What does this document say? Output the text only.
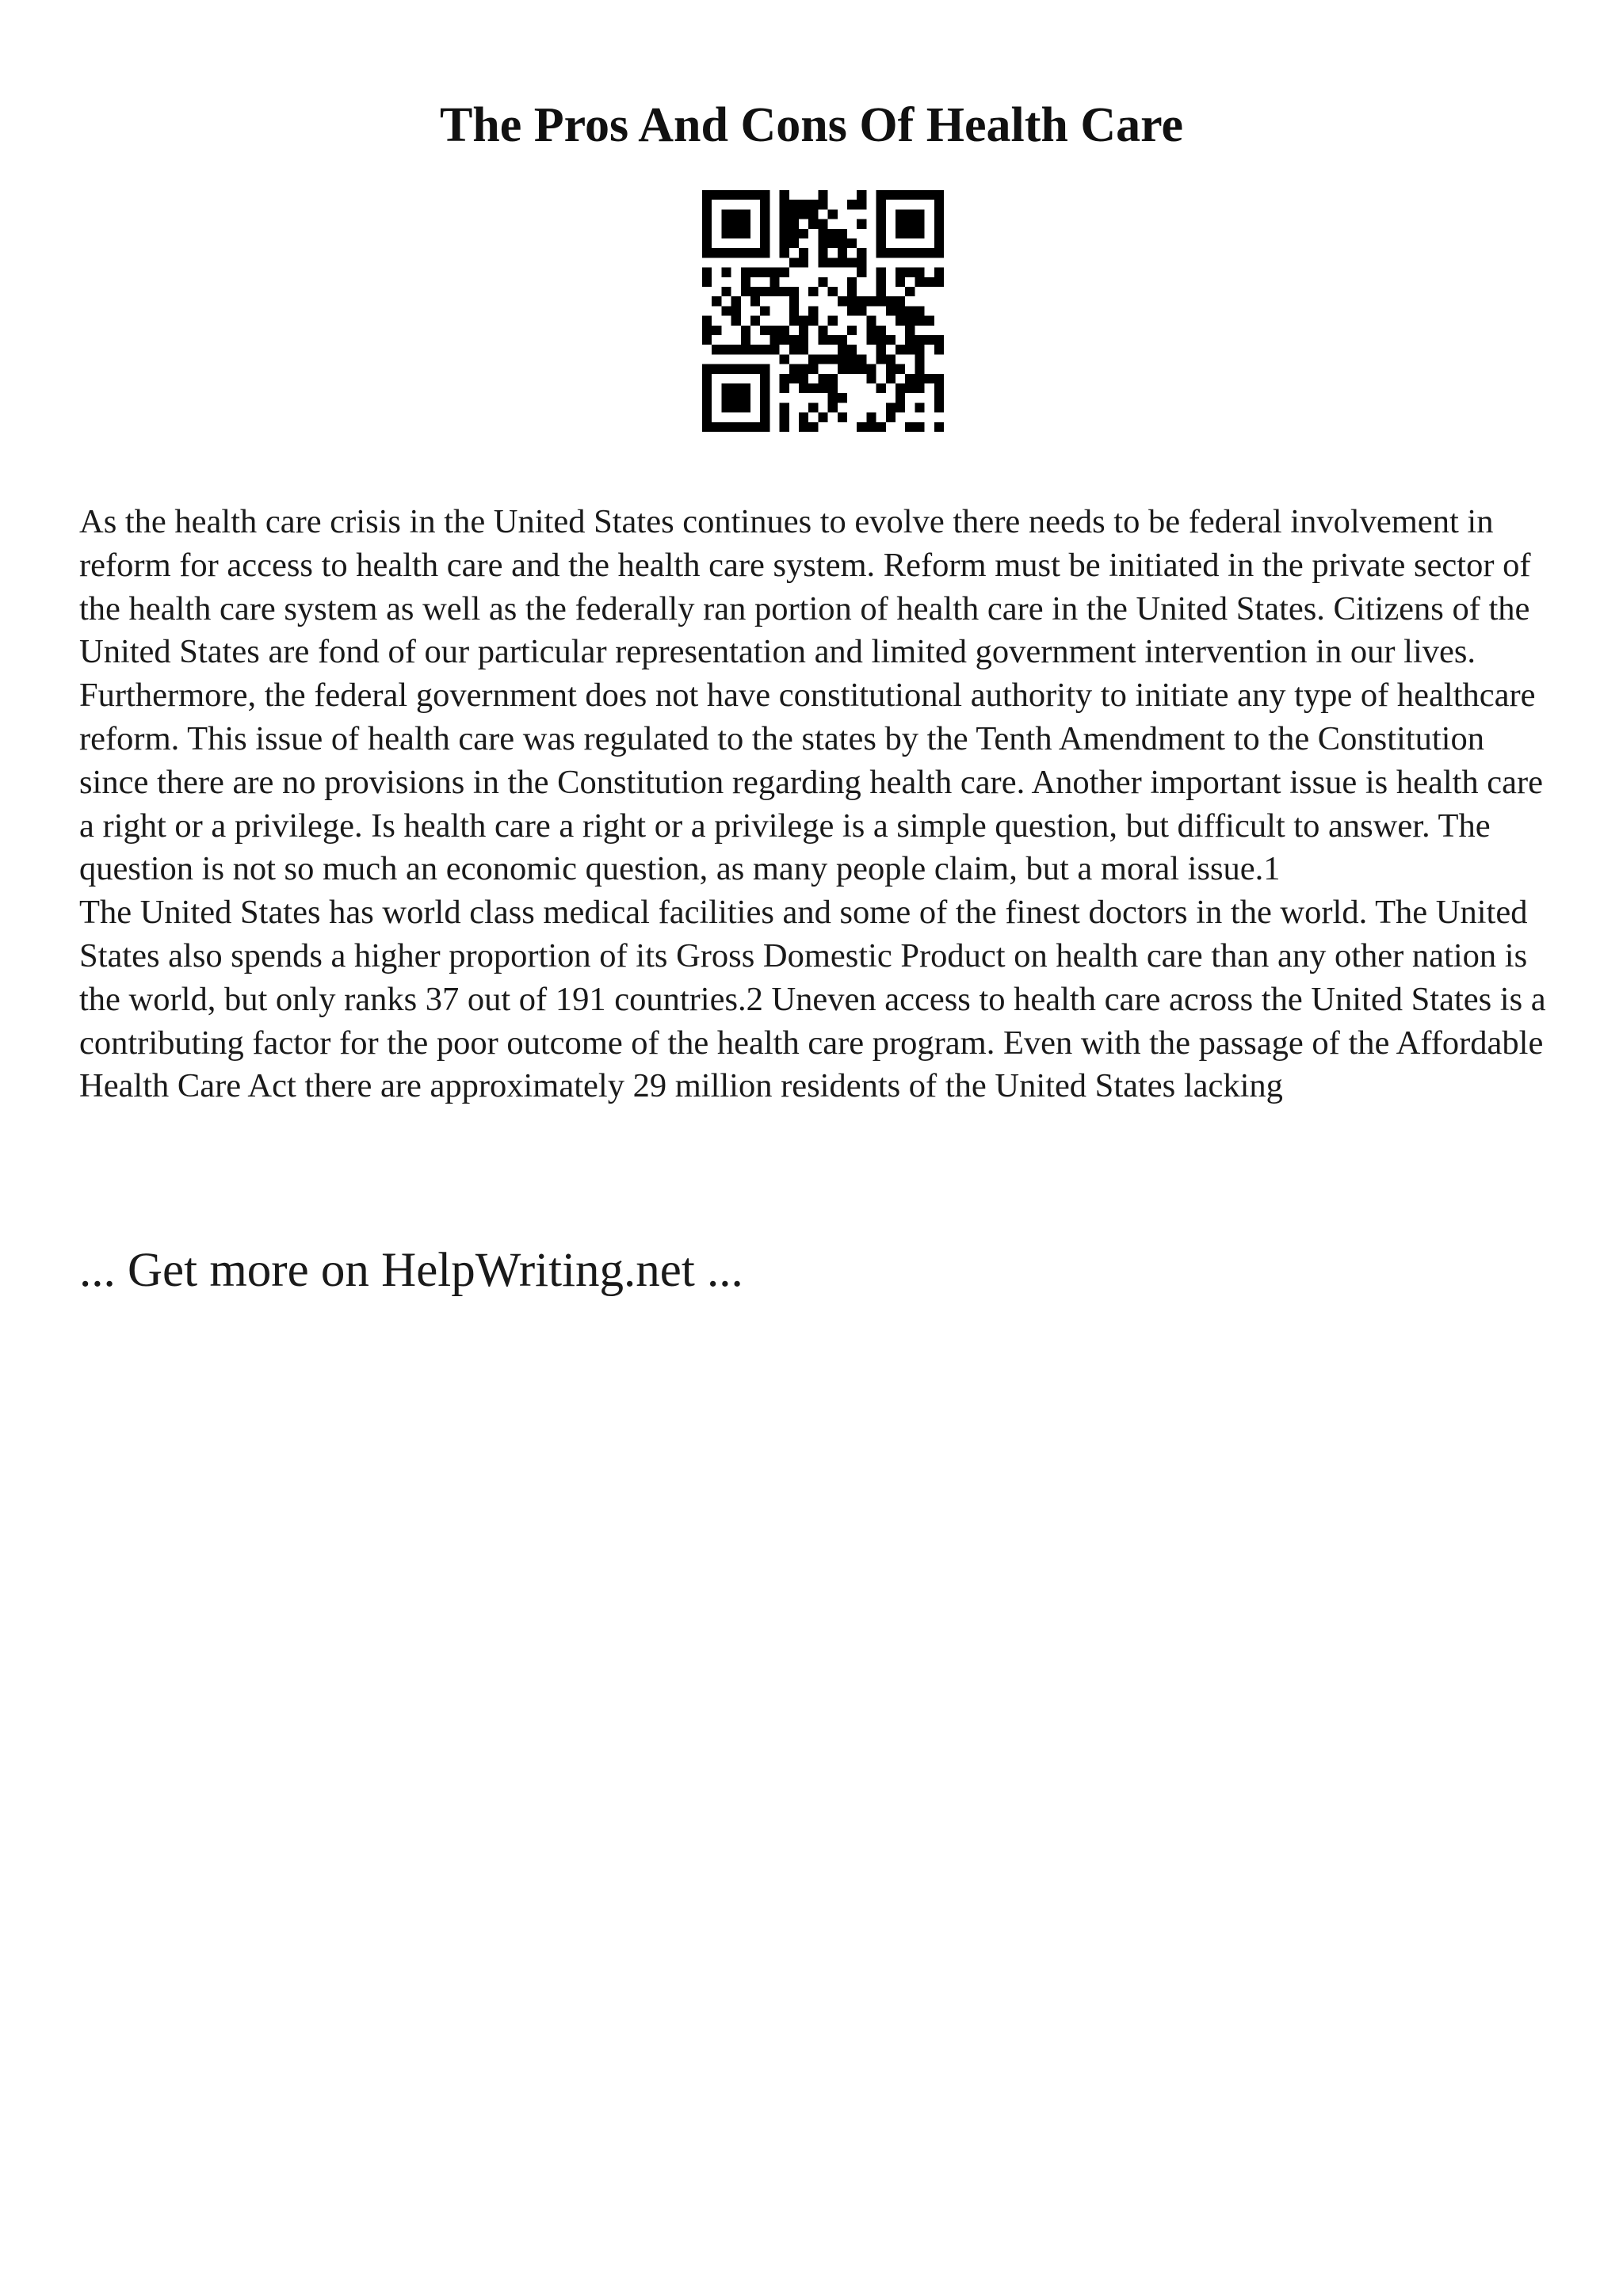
The Pros And Cons Of Health Care

As the health care crisis in the United States continues to evolve there needs to be federal involvement in reform for access to health care and the health care system. Reform must be initiated in the private sector of the health care system as well as the federally ran portion of health care in the United States. Citizens of the United States are fond of our particular representation and limited government intervention in our lives. Furthermore, the federal government does not have constitutional authority to initiate any type of healthcare reform. This issue of health care was regulated to the states by the Tenth Amendment to the Constitution since there are no provisions in the Constitution regarding health care. Another important issue is health care a right or a privilege. Is health care a right or a privilege is a simple question, but difficult to answer. The question is not so much an economic question, as many people claim, but a moral issue.1

The United States has world class medical facilities and some of the finest doctors in the world. The United States also spends a higher proportion of its Gross Domestic Product on health care than any other nation is the world, but only ranks 37 out of 191 countries.2 Uneven access to health care across the United States is a contributing factor for the poor outcome of the health care program. Even with the passage of the Affordable Health Care Act there are approximately 29 million residents of the United States lacking

... Get more on HelpWriting.net ...
